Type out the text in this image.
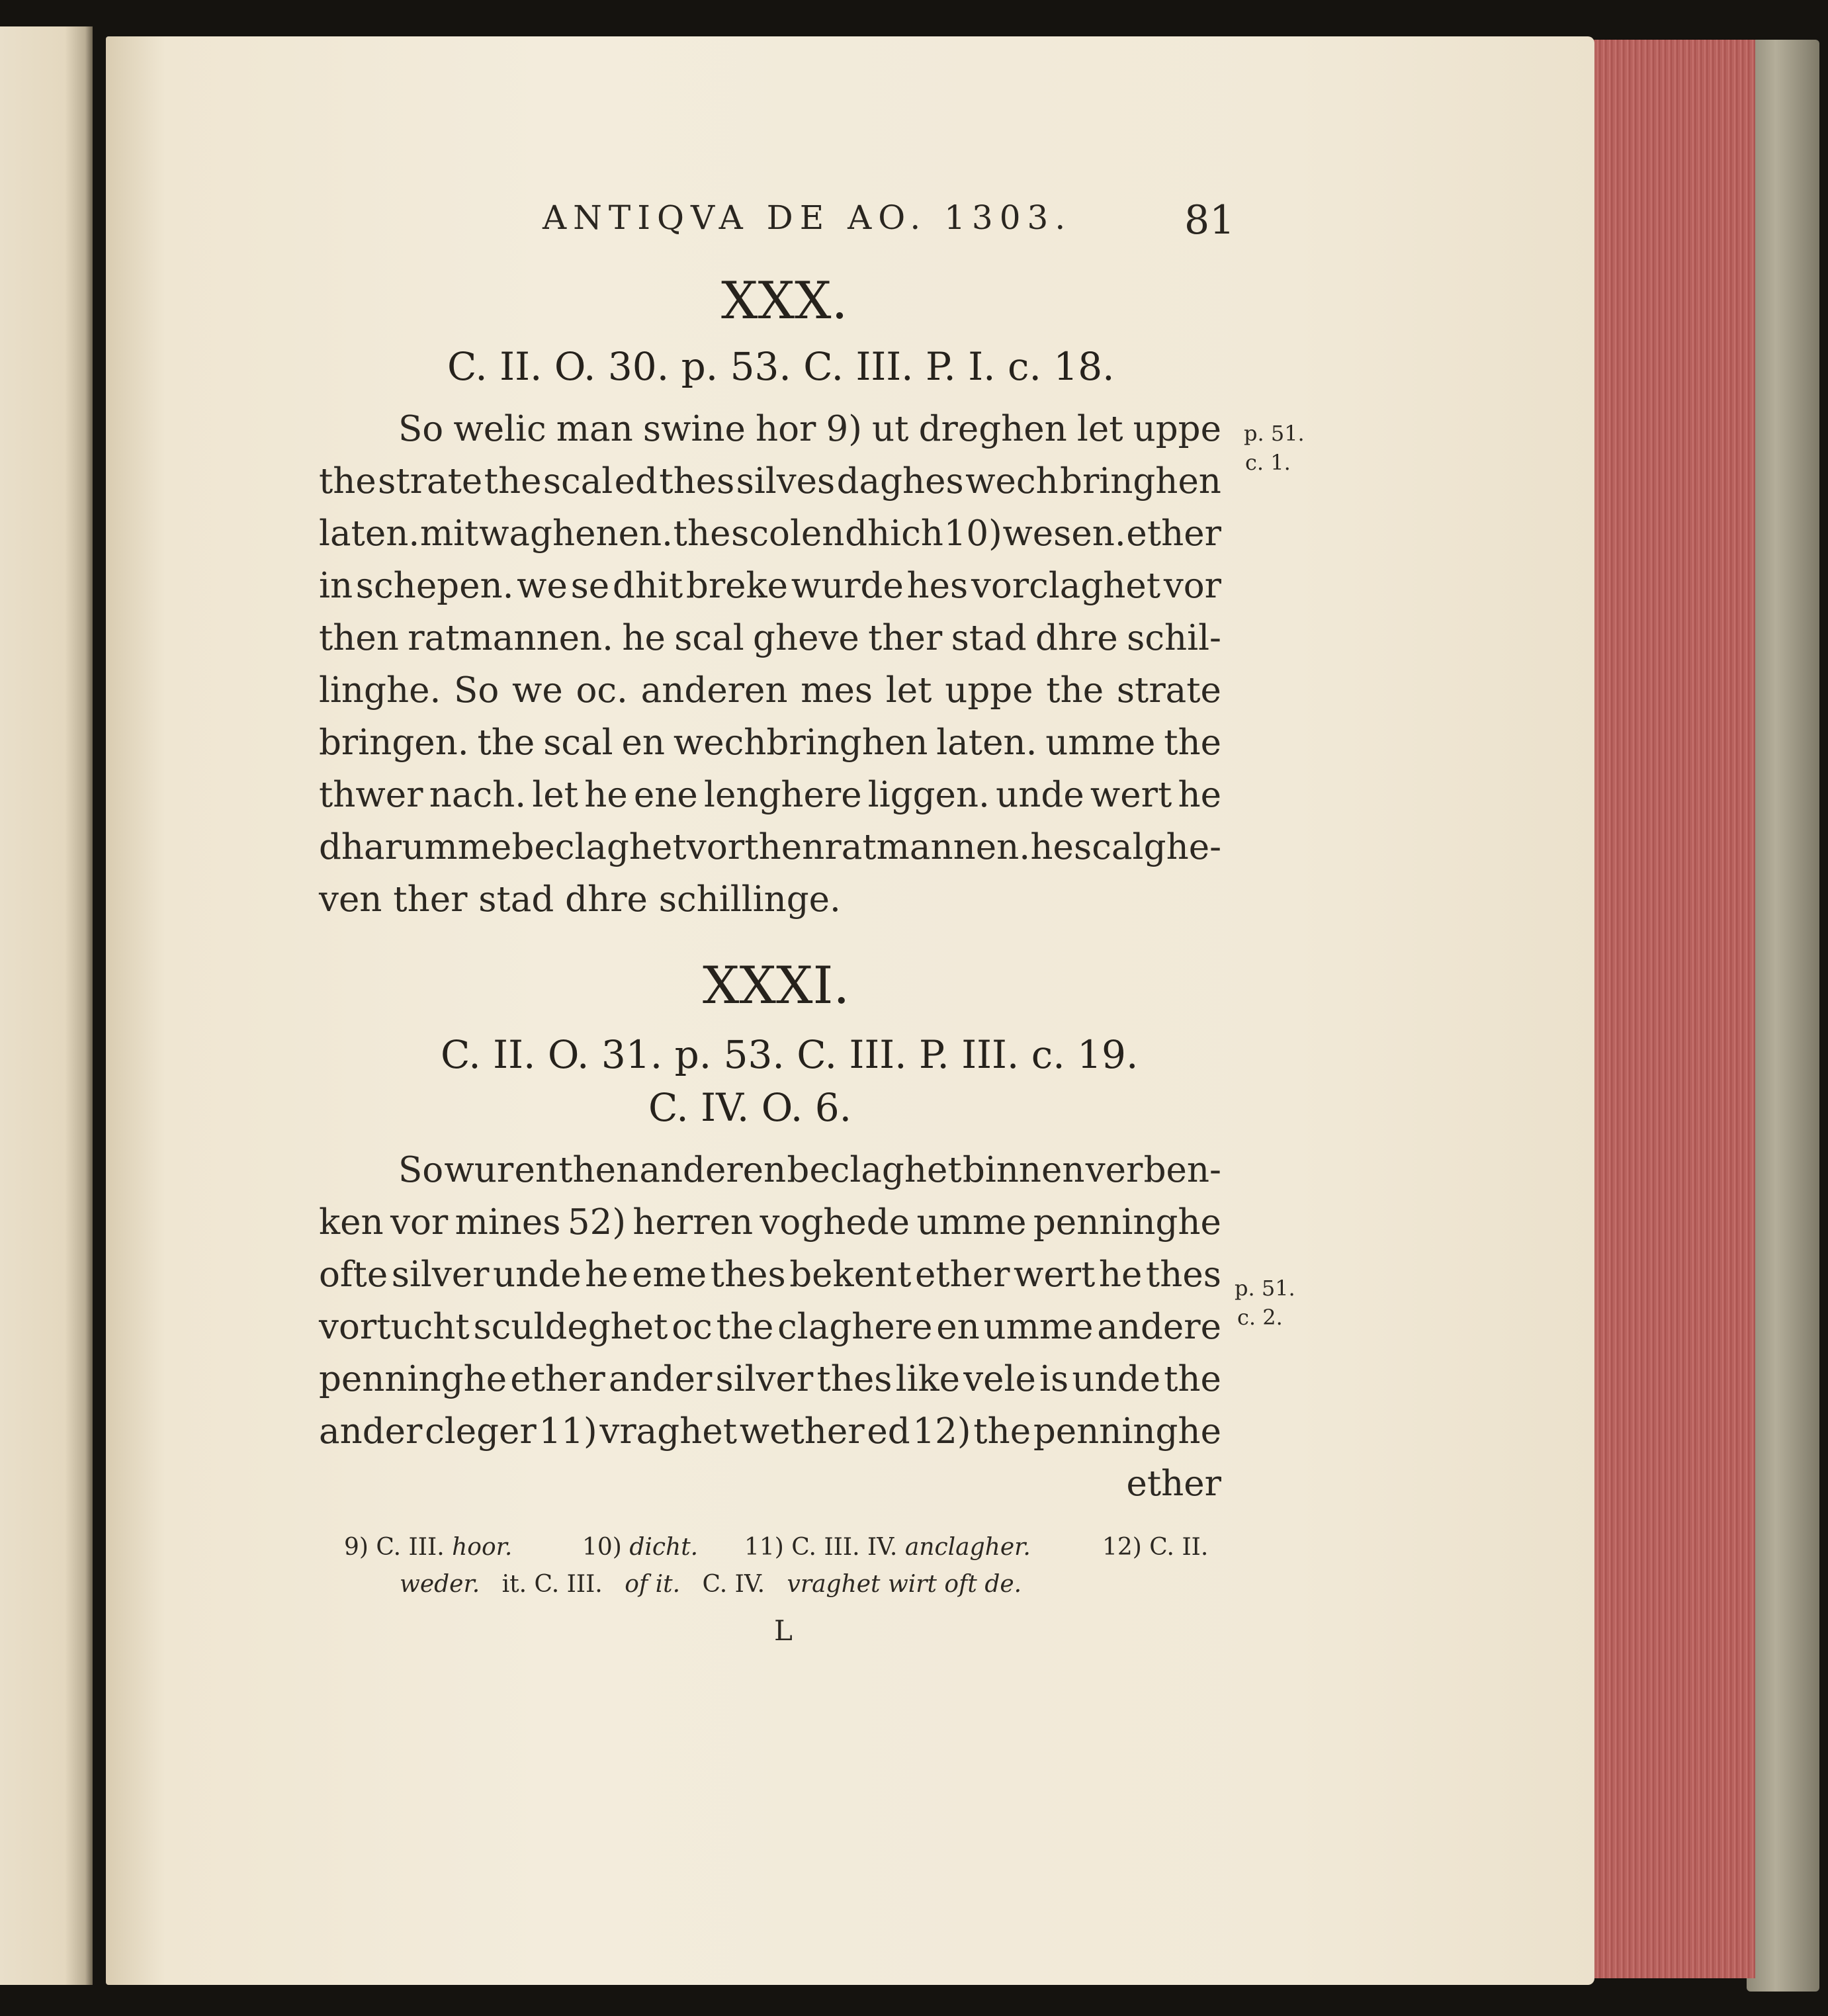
ANTIQVA DE AO. 1303.	81
XXX.
C. II. O. 30. p. 53. C. III. P. I. c. 18.
So welic man swine hor 9) ut dreghen let uppe
the strate the scal ed thes silves daghes wech bringhen
laten. mit waghenen. the scolen dhich 10) wesen. ether
in schepen. we se dhit breke wurde hes vorclaghet vor
then ratmannen. he scal gheve ther stad dhre schil-
linghe. So we oc. anderen mes let uppe the strate
bringen. the scal en wechbringhen laten. umme the
thwer nach. let he ene lenghere liggen. unde wert he
dhar umme beclaghet vor then ratmannen. he scal ghe-
ven ther stad dhre schillinge.
p. 51.
c. 1.
XXXI.
C. II. O. 31. p. 53. C. III. P. III. c. 19.
C. IV. O. 6.
So wur en then anderen beclaghet binnen ver ben-
ken vor mines 52) herren voghede umme penninghe
ofte silver unde he eme thes bekent ether wert he thes
vortucht sculdeghet oc the claghere en umme andere
penninghe ether ander silver thes like vele is unde the
ander cleger 11) vraghet wether ed 12) the penninghe
ether
p. 51.
c. 2.
9) C. III. hoor.	10) dicht. 11) C. III. IV. anclagher.	12) C. II.
weder. it. C. III. of it. C. IV. vraghet wirt oft de.
L
